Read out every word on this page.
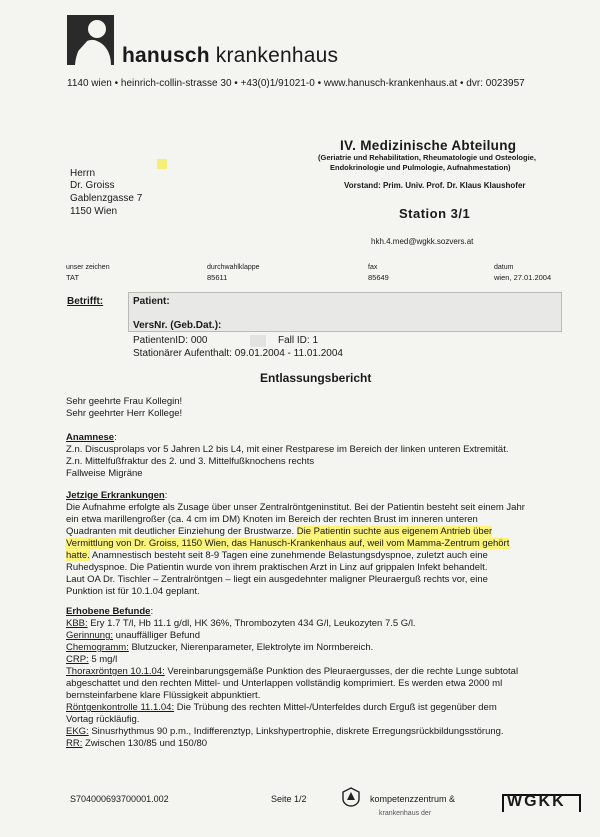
hanusch krankenhaus
1140 wien • heinrich-collin-strasse 30 • +43(0)1/91021-0 • www.hanusch-krankenhaus.at • dvr: 0023957
IV. Medizinische Abteilung
(Geriatrie und Rehabilitation, Rheumatologie und Osteologie,
Endokrinologie und Pulmologie, Aufnahmestation)
Vorstand: Prim. Univ. Prof. Dr. Klaus Klaushofer
Station 3/1
hkh.4.med@wgkk.sozvers.at
Herrn
Dr. Groiss
Gablenzgasse 7
1150 Wien
unser zeichen	durchwahlklappe	fax	datum
TAT	85611	85649	wien, 27.01.2004
Betrifft:	Patient:
VersNr. (Geb.Dat.):
PatientenID: 000	Fall ID: 1
Stationärer Aufenthalt: 09.01.2004 - 11.01.2004
Entlassungsbericht
Sehr geehrte Frau Kollegin!
Sehr geehrter Herr Kollege!
Anamnese:
Z.n. Discusprolaps vor 5 Jahren L2 bis L4, mit einer Restparese im Bereich der linken unteren Extremität.
Z.n. Mittelfußfraktur des 2. und 3. Mittelfußknochens rechts
Fallweise Migräne
Jetzige Erkrankungen:
Die Aufnahme erfolgte als Zusage über unser Zentralröntgeninstitut. Bei der Patientin besteht seit einem Jahr
ein etwa marillengroßer (ca. 4 cm im DM) Knoten im Bereich der rechten Brust im inneren unteren
Quadranten mit deutlicher Einziehung der Brustwarze. Die Patientin suchte aus eigenem Antrieb über
Vermittlung von Dr. Groiss, 1150 Wien, das Hanusch-Krankenhaus auf, weil vom Mamma-Zentrum gehört
hatte. Anamnestisch besteht seit 8-9 Tagen eine zunehmende Belastungsdyspnoe, zuletzt auch eine
Ruhedyspnoe. Die Patientin wurde von ihrem praktischen Arzt in Linz auf grippalen Infekt behandelt.
Laut OA Dr. Tischler – Zentralröntgen – liegt ein ausgedehnter maligner Pleuraerguß rechts vor, eine
Punktion ist für 10.1.04 geplant.
Erhobene Befunde:
KBB: Ery 1.7 T/l, Hb 11.1 g/dl, HK 36%, Thrombozyten 434 G/l, Leukozyten 7.5 G/l.
Gerinnung: unauffälliger Befund
Chemogramm: Blutzucker, Nierenparameter, Elektrolyte im Normbereich.
CRP: 5 mg/l
Thoraxröntgen 10.1.04: Vereinbarungsgemäße Punktion des Pleuraergusses, der die rechte Lunge subtotal
abgeschattet und den rechten Mittel- und Unterlappen vollständig komprimiert. Es werden etwa 2000 ml
bernsteinfarbene klare Flüssigkeit abpunktiert.
Röntgenkontrolle 11.1.04: Die Trübung des rechten Mittel-/Unterfeldes durch Erguß ist gegenüber dem
Vortag rückläufig.
EKG: Sinusrhythmus 90 p.m., Indifferenztyp, Linkshypertrophie, diskrete Erregungsrückbildungsstörung.
RR: Zwischen 130/85 und 150/80
S704000693700001.002	Seite 1/2	kompetenzzentrum &
krankenhaus der
WGKK
